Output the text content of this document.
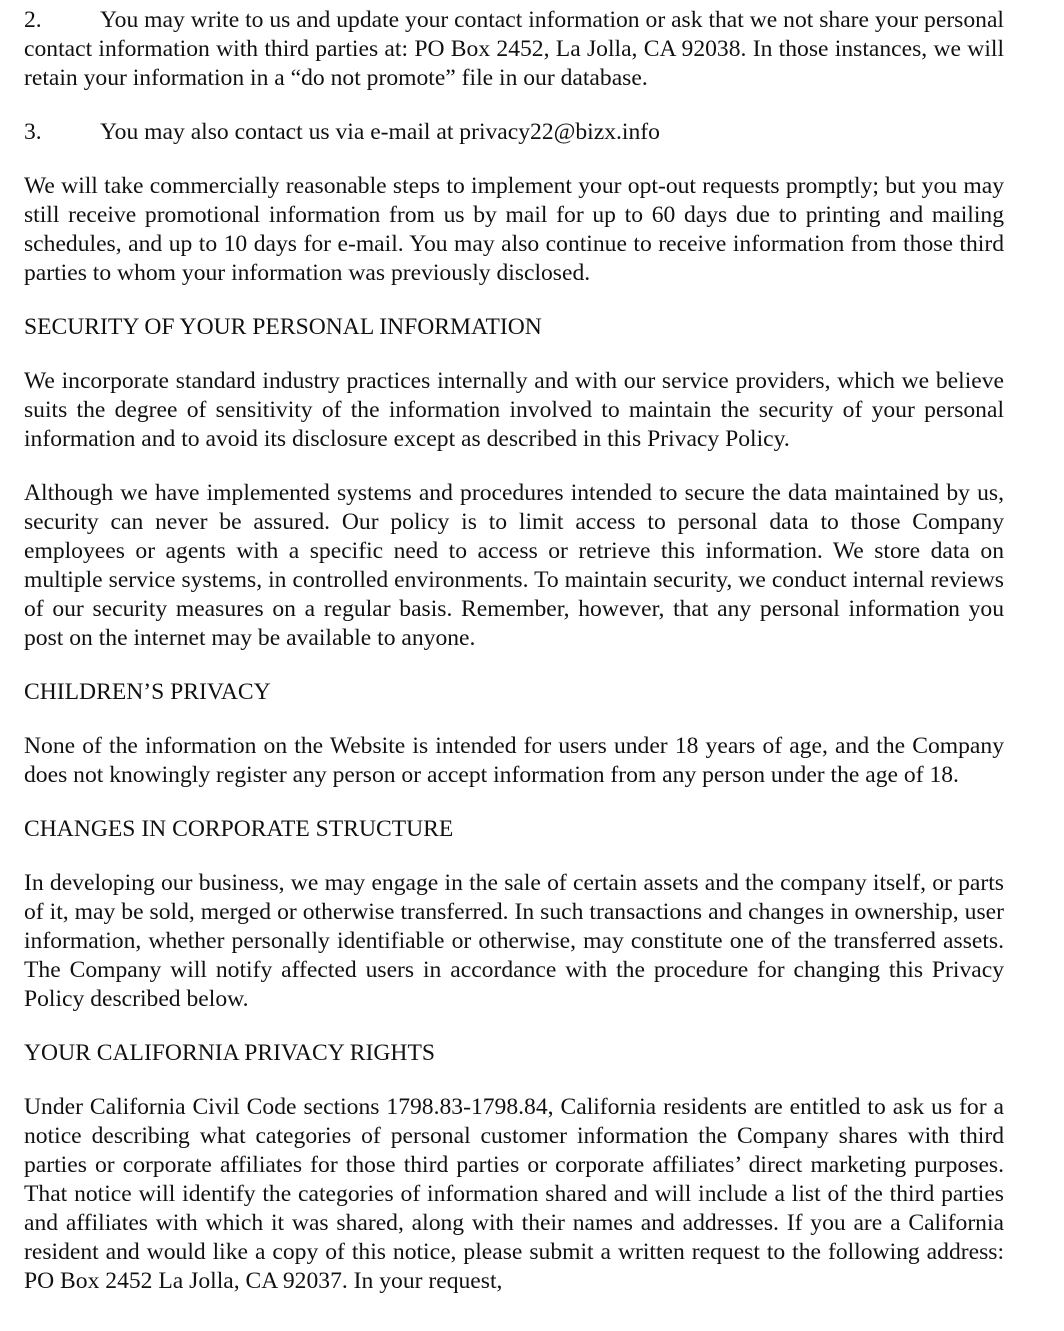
2. You may write to us and update your contact information or ask that we not share your personal contact information with third parties at: PO Box 2452, La Jolla, CA 92038. In those instances, we will retain your information in a “do not promote” file in our database.

3. You may also contact us via e-mail at privacy22@bizx.info

We will take commercially reasonable steps to implement your opt-out requests promptly; but you may still receive promotional information from us by mail for up to 60 days due to printing and mailing schedules, and up to 10 days for e-mail. You may also continue to receive information from those third parties to whom your information was previously disclosed.

SECURITY OF YOUR PERSONAL INFORMATION

We incorporate standard industry practices internally and with our service providers, which we believe suits the degree of sensitivity of the information involved to maintain the security of your personal information and to avoid its disclosure except as described in this Privacy Policy.

Although we have implemented systems and procedures intended to secure the data maintained by us, security can never be assured. Our policy is to limit access to personal data to those Company employees or agents with a specific need to access or retrieve this information. We store data on multiple service systems, in controlled environments. To maintain security, we conduct internal reviews of our security measures on a regular basis. Remember, however, that any personal information you post on the internet may be available to anyone.

CHILDREN’S PRIVACY

None of the information on the Website is intended for users under 18 years of age, and the Company does not knowingly register any person or accept information from any person under the age of 18.

CHANGES IN CORPORATE STRUCTURE

In developing our business, we may engage in the sale of certain assets and the company itself, or parts of it, may be sold, merged or otherwise transferred. In such transactions and changes in ownership, user information, whether personally identifiable or otherwise, may constitute one of the transferred assets. The Company will notify affected users in accordance with the procedure for changing this Privacy Policy described below.

YOUR CALIFORNIA PRIVACY RIGHTS

Under California Civil Code sections 1798.83-1798.84, California residents are entitled to ask us for a notice describing what categories of personal customer information the Company shares with third parties or corporate affiliates for those third parties or corporate affiliates’ direct marketing purposes. That notice will identify the categories of information shared and will include a list of the third parties and affiliates with which it was shared, along with their names and addresses. If you are a California resident and would like a copy of this notice, please submit a written request to the following address: PO Box 2452 La Jolla, CA 92037. In your request,
